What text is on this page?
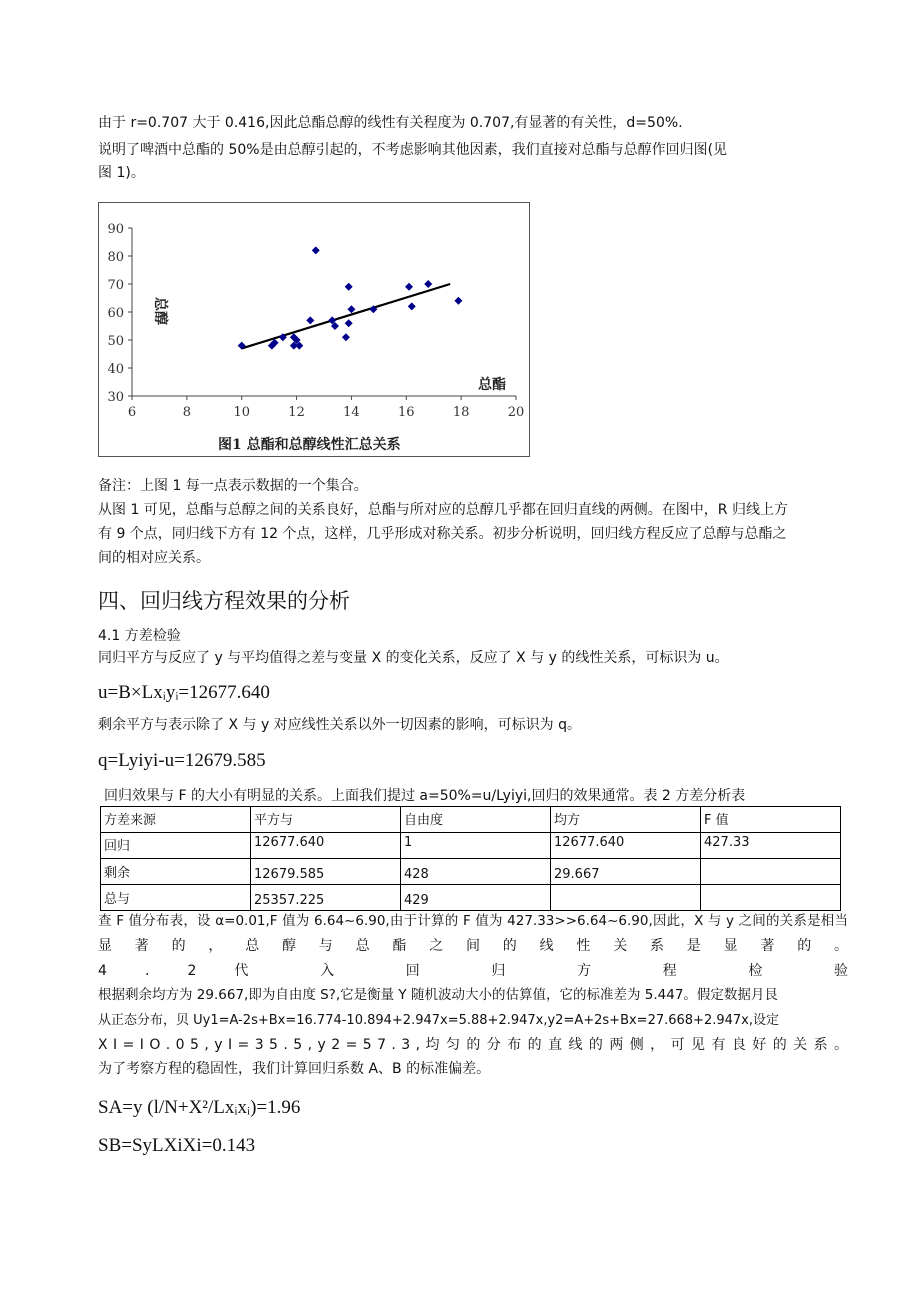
由于 r=0.707 大于 0.416,因此总酯总醇的线性有关程度为 0.707,有显著的有关性，d=50%.
说明了啤酒中总酯的 50%是由总醇引起的，不考虑影响其他因素，我们直接对总酯与总醇作回归图(见
图 1)。
30
40
50
60
70
80
90
6	8	10	12	14	16	18	20
总醇
总酯
图1 总酯和总醇线性汇总关系
备注：上图 1 每一点表示数据的一个集合。
从图 1 可见，总酯与总醇之间的关系良好，总酯与所对应的总醇几乎都在回归直线的两侧。在图中，R 归线上方
有 9 个点，同归线下方有 12 个点，这样，几乎形成对称关系。初步分析说明，回归线方程反应了总醇与总酯之
间的相对应关系。
四、回归线方程效果的分析
4.1 方差检验
同归平方与反应了 y 与平均值得之差与变量 X 的变化关系，反应了 X 与 y 的线性关系，可标识为 u。
u=B×Lxᵢyᵢ=12677.640
剩余平方与表示除了 X 与 y 对应线性关系以外一切因素的影响，可标识为 q。
q=Lyiyi-u=12679.585
回归效果与 F 的大小有明显的关系。上面我们提过 a=50%=u/Lyiyi,回归的效果通常。表 2 方差分析表
方差来源	平方与	自由度	均方	F 值
回归	12677.640	1	12677.640	427.33
剩余	12679.585	428	29.667	
总与	25357.225	429		
查 F 值分布表，设 α=0.01,F 值为 6.64~6.90,由于计算的 F 值为 427.33>>6.64~6.90,因此，X 与 y 之间的关系是相当
显 著 的 ， 总 醇 与 总 酯 之 间 的 线 性 关 系 是 显 著 的 。
4 . 2 代 入 回 归 方 程 检 验
根据剩余均方为 29.667,即为自由度 S?,它是衡量 Y 随机波动大小的估算值，它的标准差为 5.447。假定数据月艮
从正态分布，贝 Uy1=A-2s+Bx=16.774-10.894+2.947x=5.88+2.947x,y2=A+2s+Bx=27.668+2.947x,设定
X I = I O . 0 5 , y I = 3 5 . 5 , y 2 = 5 7 . 3 , 均 匀 的 分 布 的 直 线 的 两 侧 ， 可 见 有 良 好 的 关 系 。
为了考察方程的稳固性，我们计算回归系数 A、B 的标准偏差。
SA=y (l/N+X²/Lxᵢxᵢ)=1.96
SB=SyLXiXi=0.143
